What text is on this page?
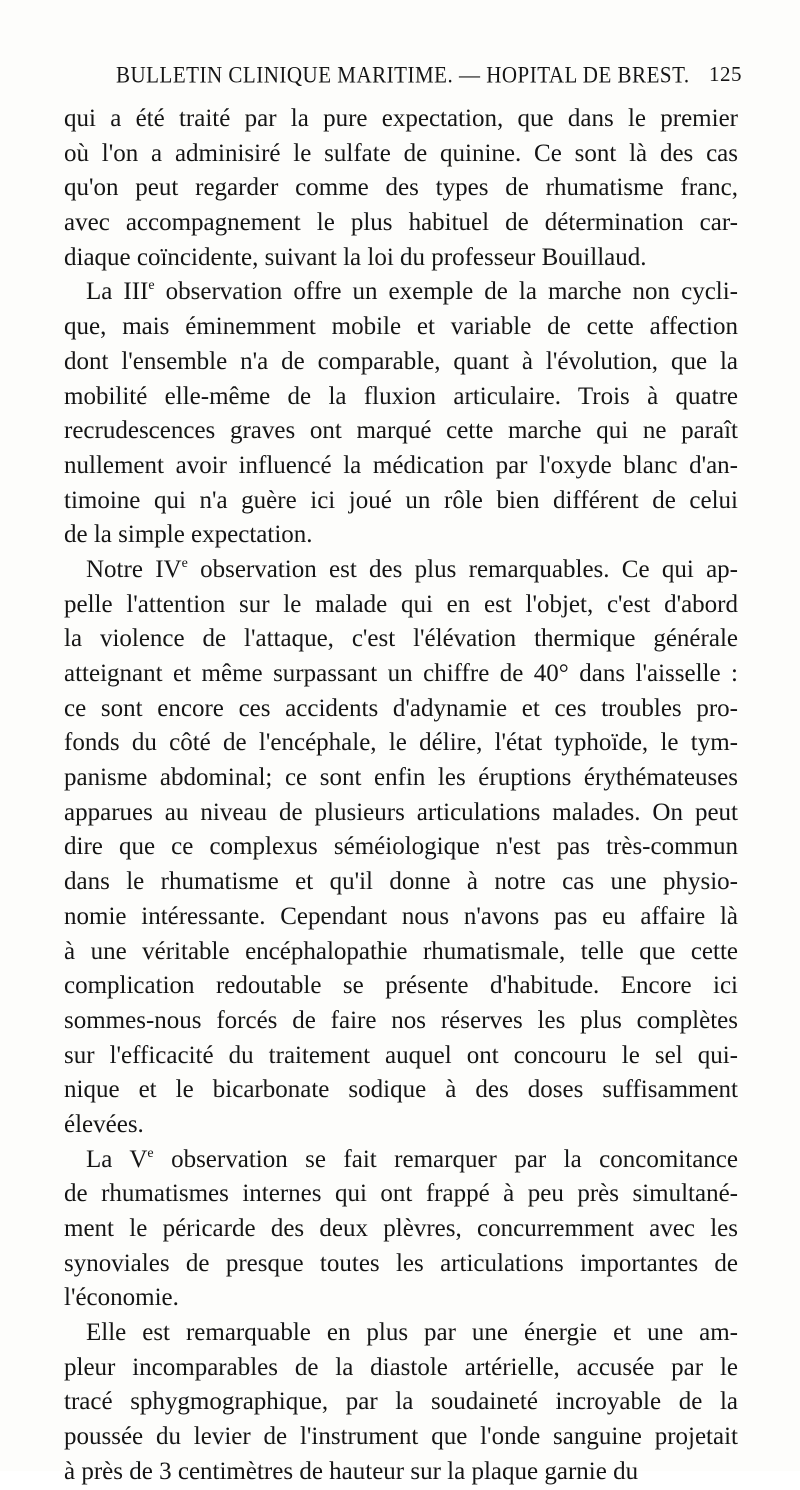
BULLETIN CLINIQUE MARITIME. — HOPITAL DE BREST. 125
qui a été traité par la pure expectation, que dans le premier
où l'on a adminisiré le sulfate de quinine. Ce sont là des cas
qu'on peut regarder comme des types de rhumatisme franc,
avec accompagnement le plus habituel de détermination car-
diaque coïncidente, suivant la loi du professeur Bouillaud.
La IIIe observation offre un exemple de la marche non cycli-
que, mais éminemment mobile et variable de cette affection
dont l'ensemble n'a de comparable, quant à l'évolution, que la
mobilité elle-même de la fluxion articulaire. Trois à quatre
recrudescences graves ont marqué cette marche qui ne paraît
nullement avoir influencé la médication par l'oxyde blanc d'an-
timoine qui n'a guère ici joué un rôle bien différent de celui
de la simple expectation.
Notre IVe observation est des plus remarquables. Ce qui ap-
pelle l'attention sur le malade qui en est l'objet, c'est d'abord
la violence de l'attaque, c'est l'élévation thermique générale
atteignant et même surpassant un chiffre de 40° dans l'aisselle :
ce sont encore ces accidents d'adynamie et ces troubles pro-
fonds du côté de l'encéphale, le délire, l'état typhoïde, le tym-
panisme abdominal; ce sont enfin les éruptions érythémateuses
apparues au niveau de plusieurs articulations malades. On peut
dire que ce complexus séméiologique n'est pas très-commun
dans le rhumatisme et qu'il donne à notre cas une physio-
nomie intéressante. Cependant nous n'avons pas eu affaire là
à une véritable encéphalopathie rhumatismale, telle que cette
complication redoutable se présente d'habitude. Encore ici
sommes-nous forcés de faire nos réserves les plus complètes
sur l'efficacité du traitement auquel ont concouru le sel qui-
nique et le bicarbonate sodique à des doses suffisamment
élevées.
La Ve observation se fait remarquer par la concomitance
de rhumatismes internes qui ont frappé à peu près simultané-
ment le péricarde des deux plèvres, concurremment avec les
synoviales de presque toutes les articulations importantes de
l'économie.
Elle est remarquable en plus par une énergie et une am-
pleur incomparables de la diastole artérielle, accusée par le
tracé sphygmographique, par la soudaineté incroyable de la
poussée du levier de l'instrument que l'onde sanguine projetait
à près de 3 centimètres de hauteur sur la plaque garnie du
